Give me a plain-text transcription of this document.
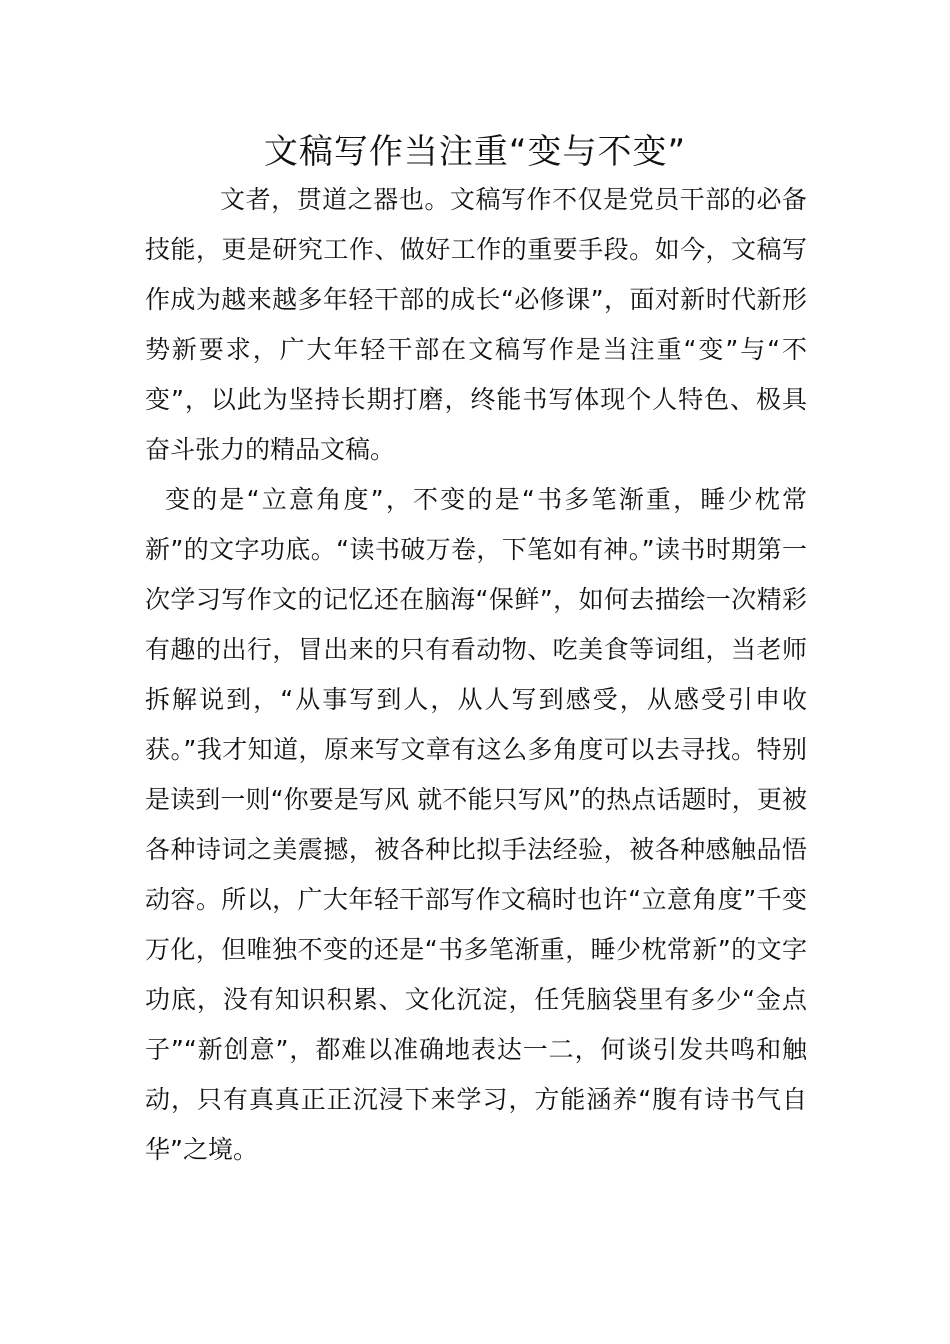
文稿写作当注重“变与不变”

文者，贯道之器也。文稿写作不仅是党员干部的必备技能，更是研究工作、做好工作的重要手段。如今，文稿写作成为越来越多年轻干部的成长“必修课”，面对新时代新形势新要求，广大年轻干部在文稿写作是当注重“变”与“不变”，以此为坚持长期打磨，终能书写体现个人特色、极具奋斗张力的精品文稿。

变的是“立意角度”，不变的是“书多笔渐重，睡少枕常新”的文字功底。“读书破万卷，下笔如有神。”读书时期第一次学习写作文的记忆还在脑海“保鲜”，如何去描绘一次精彩有趣的出行，冒出来的只有看动物、吃美食等词组，当老师拆解说到，“从事写到人，从人写到感受，从感受引申收获。”我才知道，原来写文章有这么多角度可以去寻找。特别是读到一则“你要是写风 就不能只写风”的热点话题时，更被各种诗词之美震撼，被各种比拟手法经验，被各种感触品悟动容。所以，广大年轻干部写作文稿时也许“立意角度”千变万化，但唯独不变的还是“书多笔渐重，睡少枕常新”的文字功底，没有知识积累、文化沉淀，任凭脑袋里有多少“金点子”“新创意”，都难以准确地表达一二，何谈引发共鸣和触动，只有真真正正沉浸下来学习，方能涵养“腹有诗书气自华”之境。
